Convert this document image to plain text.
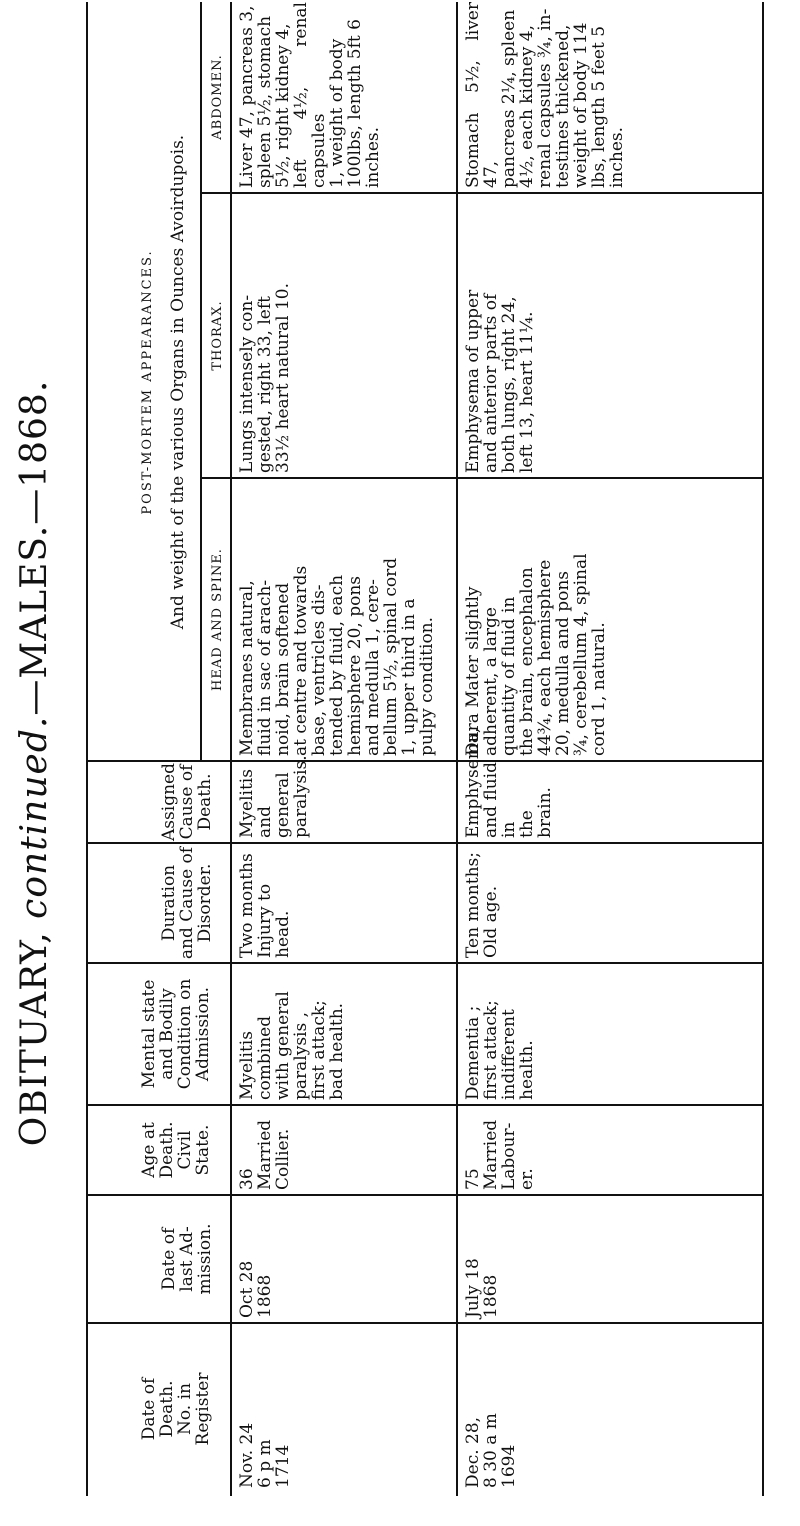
OBITUARY, continued.—MALES.—1868.	POST-MORTEM APPEARANCES. And weight of the various Organs in Ounces Avoirdupois.
Date of
Death.
No. in
Register
Date of
last Ad-
mission.
Age at
Death.
Civil
State.
Mental state
and Bodily
Condition on
Admission.
Duration
and Cause of
Disorder.
Assigned
Cause of
Death.
HEAD AND SPINE.
THORAX.
ABDOMEN.
Nov. 24
6 p m
1714
Oct 28
1868
36
Married
Collier.
Myelitis
combined
with general
paralysis ,
first attack;
bad health.
Two months
Injury to
head.
Myelitis and
general
paralysis.
Membranes natural,
fluid in sac of arach-
noid, brain softened
at centre and towards
base, ventricles dis-
tended by fluid, each
hemisphere 20, pons
and medulla 1, cere-
bellum 5½, spinal cord
1, upper third in a
pulpy condition.
Lungs intensely con-
gested, right 33, left
33½ heart natural 10.
Liver 47, pancreas 3,
spleen 5½, stomach
5½, right kidney 4,
left 4½, renal capsules
1, weight of body
100lbs, length 5ft 6
inches.
Dec. 28,
8 30 a m
1694
July 18
1868
75
Married
Labour-
er.
Dementia ;
first attack;
indifferent
health.
Ten months;
Old age.
Emphysema,
and fluid in
the brain.
Dura Mater slightly
adherent, a large
quantity of fluid in
the brain, encephalon
44¾, each hemisphere
20, medulla and pons
¾, cerebellum 4, spinal
cord 1, natural.
Emphysema of upper
and anterior parts of
both lungs, right 24,
left 13, heart 11¼.
Stomach 5½, liver 47,
pancreas 2¼, spleen
4½, each kidney 4,
renal capsules ¾, in-
testines thickened,
weight of body 114
lbs, length 5 feet 5
inches.
